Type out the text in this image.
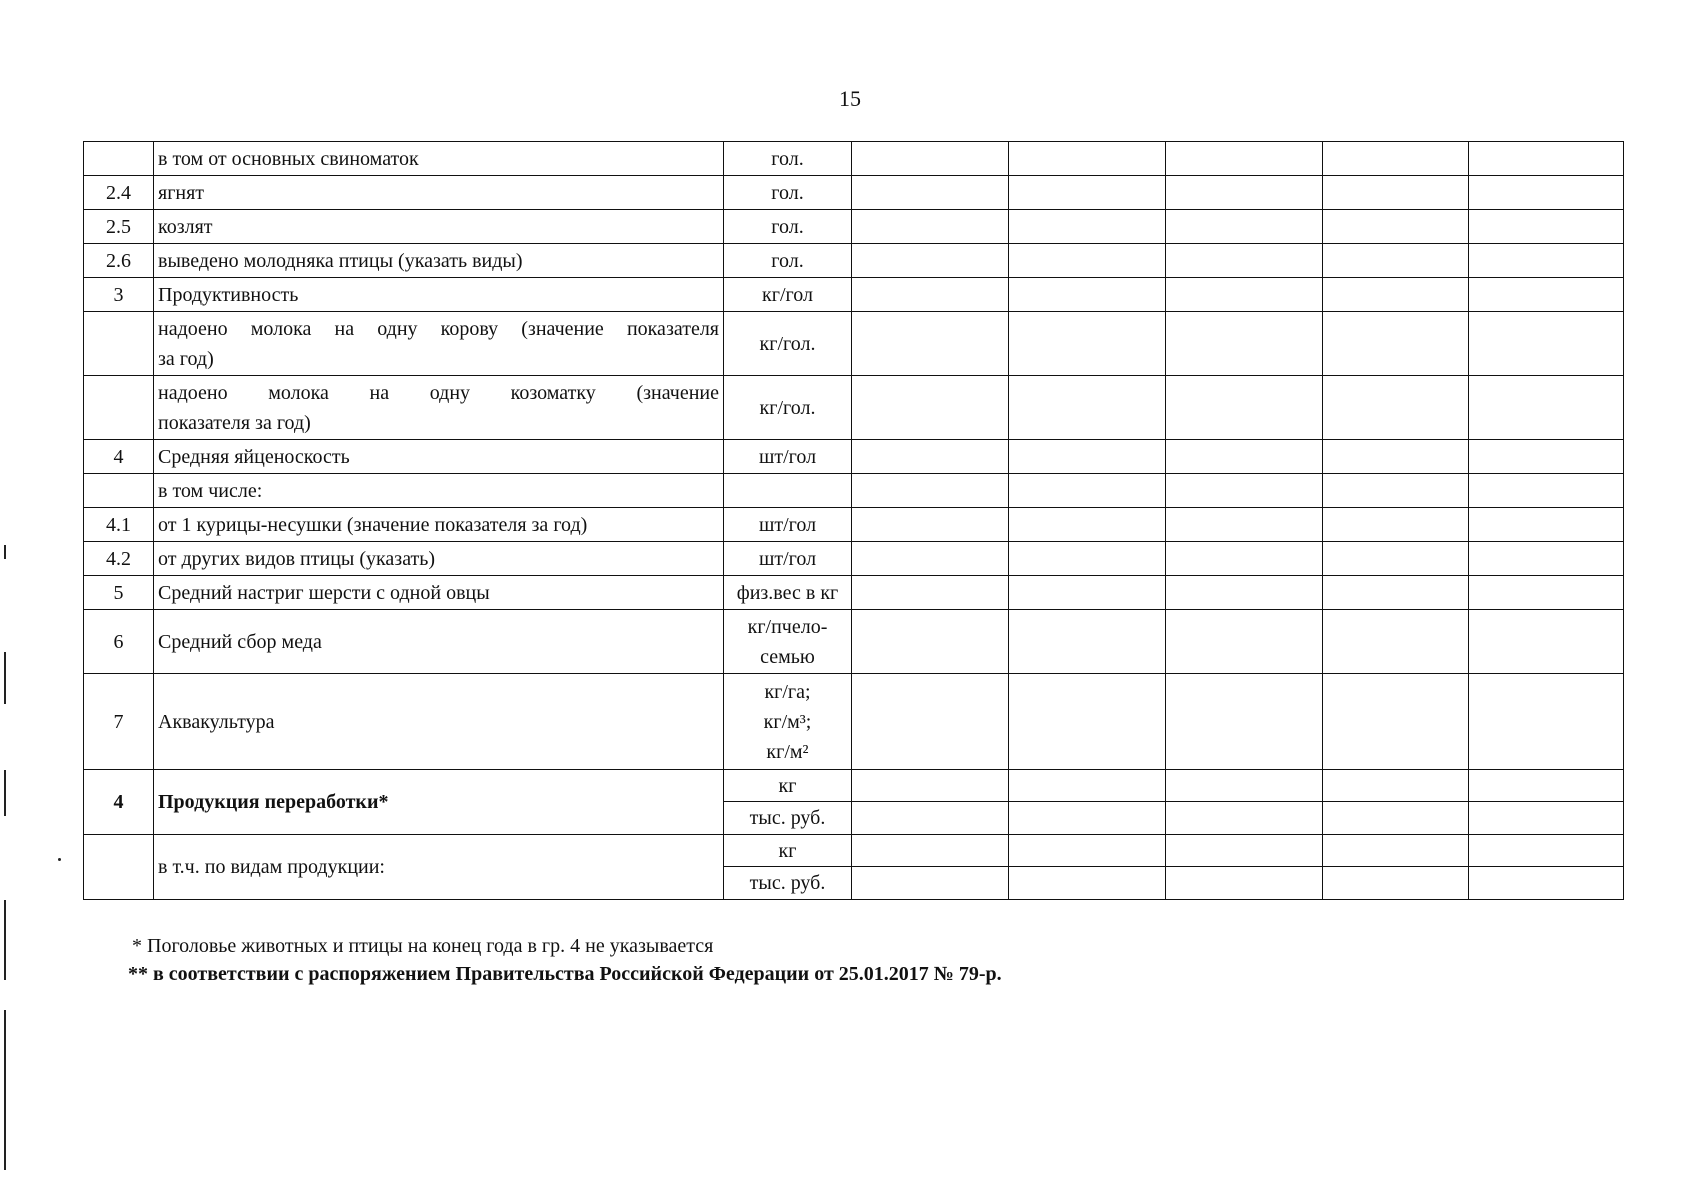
15
	в том от основных свиноматок	гол.					
2.4	ягнят	гол.					
2.5	козлят	гол.					
2.6	выведено молодняка птицы (указать виды)	гол.					
3	Продуктивность	кг/гол					
	надоено молока на одну корову (значение показателя
за год)	кг/гол.					
	надоено молока на одну козоматку (значение
показателя за год)	кг/гол.					
4	Средняя яйценоскость	шт/гол					
	в том числе:						
4.1	от 1 курицы-несушки (значение показателя за год)	шт/гол					
4.2	от других видов птицы (указать)	шт/гол					
5	Средний настриг шерсти с одной овцы	физ.вес в кг					
6	Средний сбор меда	кг/пчело-
семью					

7	Аквакультура	кг/га;
кг/м³;
кг/м²					

4	Продукция переработки*	кг					
		тыс. руб.					
	в т.ч. по видам продукции:	кг					
		тыс. руб.					
* Поголовье животных и птицы на конец года в гр. 4 не указывается
** в соответствии с распоряжением Правительства Российской Федерации от 25.01.2017 № 79-р.
